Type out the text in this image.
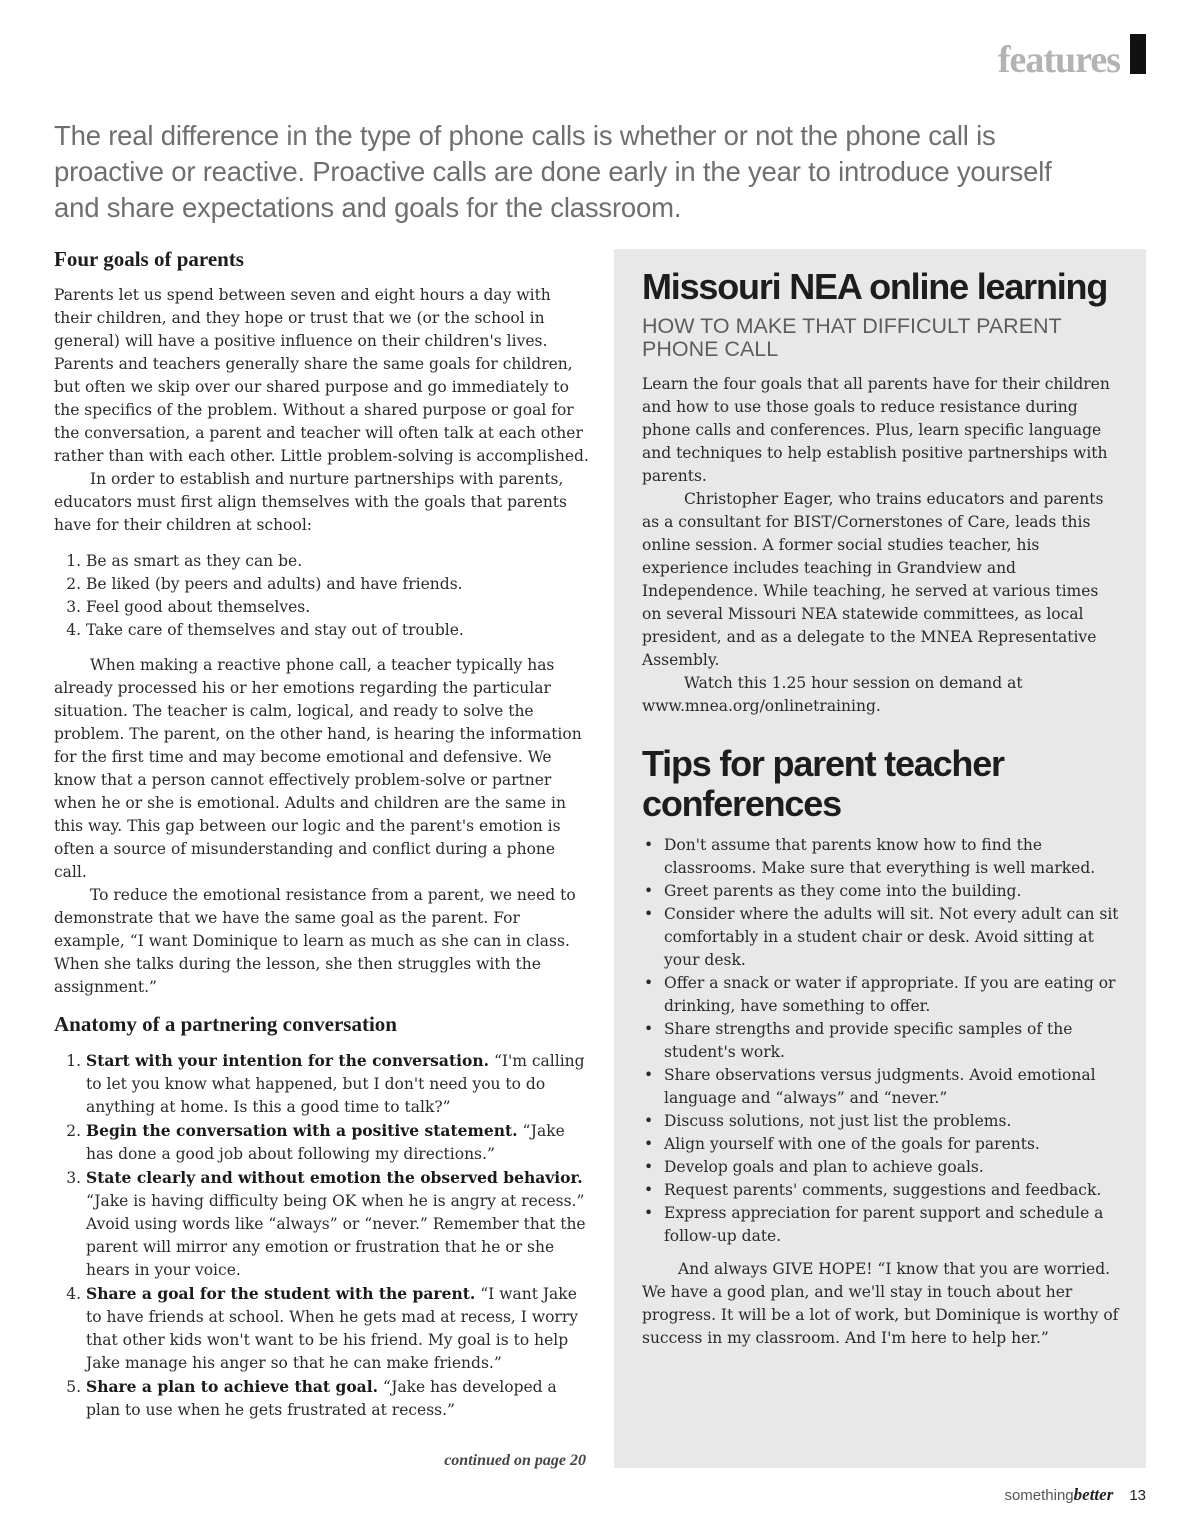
features
The real difference in the type of phone calls is whether or not the phone call is proactive or reactive. Proactive calls are done early in the year to introduce yourself and share expectations and goals for the classroom.
Four goals of parents

Parents let us spend between seven and eight hours a day with their children, and they hope or trust that we (or the school in general) will have a positive influence on their children's lives. Parents and teachers generally share the same goals for children, but often we skip over our shared purpose and go immediately to the specifics of the problem. Without a shared purpose or goal for the conversation, a parent and teacher will often talk at each other rather than with each other. Little problem-solving is accomplished.

In order to establish and nurture partnerships with parents, educators must first align themselves with the goals that parents have for their children at school:

1. Be as smart as they can be.
2. Be liked (by peers and adults) and have friends.
3. Feel good about themselves.
4. Take care of themselves and stay out of trouble.

When making a reactive phone call, a teacher typically has already processed his or her emotions regarding the particular situation. The teacher is calm, logical, and ready to solve the problem. The parent, on the other hand, is hearing the information for the first time and may become emotional and defensive. We know that a person cannot effectively problem-solve or partner when he or she is emotional. Adults and children are the same in this way. This gap between our logic and the parent's emotion is often a source of misunderstanding and conflict during a phone call.

To reduce the emotional resistance from a parent, we need to demonstrate that we have the same goal as the parent. For example, “I want Dominique to learn as much as she can in class. When she talks during the lesson, she then struggles with the assignment.”

Anatomy of a partnering conversation
1. Start with your intention for the conversation. “I'm calling to let you know what happened, but I don't need you to do anything at home. Is this a good time to talk?”
2. Begin the conversation with a positive statement. “Jake has done a good job about following my directions.”
3. State clearly and without emotion the observed behavior. “Jake is having difficulty being OK when he is angry at recess.” Avoid using words like “always” or “never.” Remember that the parent will mirror any emotion or frustration that he or she hears in your voice.
4. Share a goal for the student with the parent. “I want Jake to have friends at school. When he gets mad at recess, I worry that other kids won't want to be his friend. My goal is to help Jake manage his anger so that he can make friends.”
5. Share a plan to achieve that goal. “Jake has developed a plan to use when he gets frustrated at recess.”
continued on page 20
Missouri NEA online learning
HOW TO MAKE THAT DIFFICULT PARENT PHONE CALL

Learn the four goals that all parents have for their children and how to use those goals to reduce resistance during phone calls and conferences. Plus, learn specific language and techniques to help establish positive partnerships with parents.

Christopher Eager, who trains educators and parents as a consultant for BIST/Cornerstones of Care, leads this online session. A former social studies teacher, his experience includes teaching in Grandview and Independence. While teaching, he served at various times on several Missouri NEA statewide committees, as local president, and as a delegate to the MNEA Representative Assembly.

Watch this 1.25 hour session on demand at www.mnea.org/onlinetraining.

Tips for parent teacher conferences
• Don't assume that parents know how to find the classrooms. Make sure that everything is well marked.
• Greet parents as they come into the building.
• Consider where the adults will sit. Not every adult can sit comfortably in a student chair or desk. Avoid sitting at your desk.
• Offer a snack or water if appropriate. If you are eating or drinking, have something to offer.
• Share strengths and provide specific samples of the student's work.
• Share observations versus judgments. Avoid emotional language and “always” and “never.”
• Discuss solutions, not just list the problems.
• Align yourself with one of the goals for parents.
• Develop goals and plan to achieve goals.
• Request parents' comments, suggestions and feedback.
• Express appreciation for parent support and schedule a follow-up date.

And always GIVE HOPE! “I know that you are worried. We have a good plan, and we'll stay in touch about her progress. It will be a lot of work, but Dominique is worthy of success in my classroom. And I'm here to help her.”

somethingbetter 13
